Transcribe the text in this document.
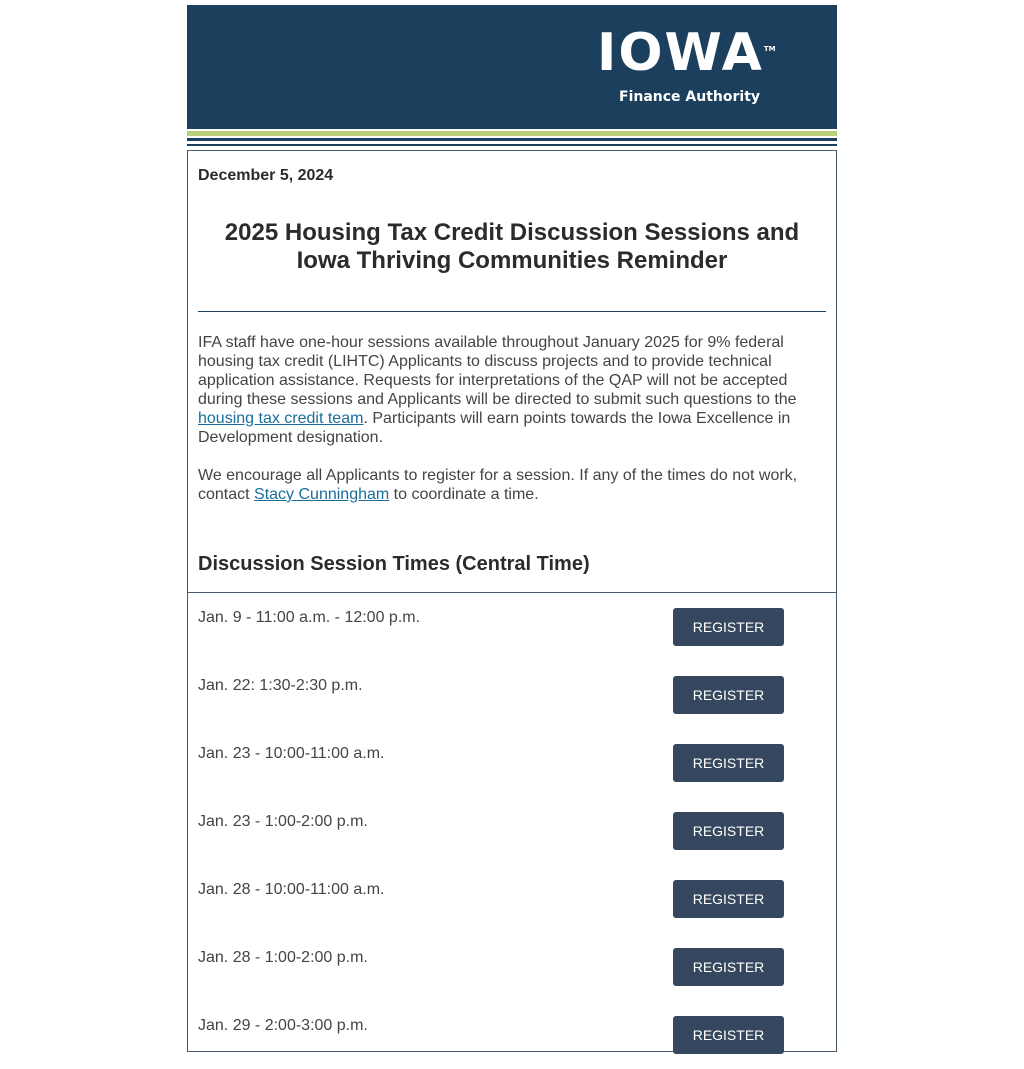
IOWATM
Finance Authority
December 5, 2024
2025 Housing Tax Credit Discussion Sessions and Iowa Thriving Communities Reminder

IFA staff have one-hour sessions available throughout January 2025 for 9% federal housing tax credit (LIHTC) Applicants to discuss projects and to provide technical application assistance. Requests for interpretations of the QAP will not be accepted during these sessions and Applicants will be directed to submit such questions to the housing tax credit team. Participants will earn points towards the Iowa Excellence in Development designation.

We encourage all Applicants to register for a session. If any of the times do not work, contact Stacy Cunningham to coordinate a time.

Discussion Session Times (Central Time)
Jan. 9 - 11:00 a.m. - 12:00 p.m.
REGISTER
Jan. 22: 1:30-2:30 p.m.
REGISTER
Jan. 23 - 10:00-11:00 a.m.
REGISTER
Jan. 23 - 1:00-2:00 p.m.
REGISTER
Jan. 28 - 10:00-11:00 a.m.
REGISTER
Jan. 28 - 1:00-2:00 p.m.
REGISTER
Jan. 29 - 2:00-3:00 p.m.
REGISTER
